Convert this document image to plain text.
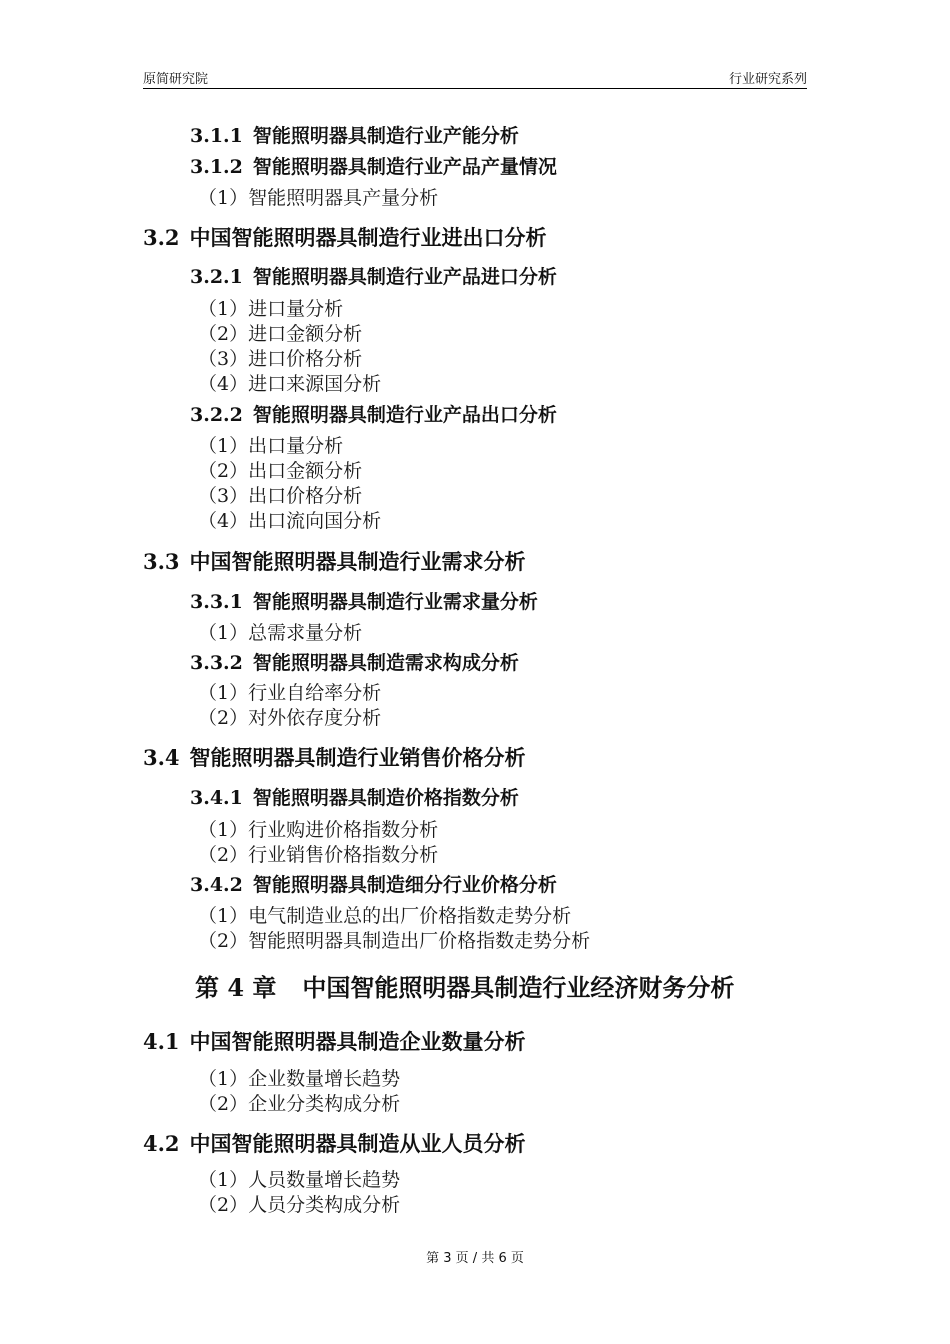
原简研究院	行业研究系列
3.1.1 智能照明器具制造行业产能分析
3.1.2 智能照明器具制造行业产品产量情况
（1）智能照明器具产量分析
3.2 中国智能照明器具制造行业进出口分析
3.2.1 智能照明器具制造行业产品进口分析
（1）进口量分析
（2）进口金额分析
（3）进口价格分析
（4）进口来源国分析
3.2.2 智能照明器具制造行业产品出口分析
（1）出口量分析
（2）出口金额分析
（3）出口价格分析
（4）出口流向国分析
3.3 中国智能照明器具制造行业需求分析
3.3.1 智能照明器具制造行业需求量分析
（1）总需求量分析
3.3.2 智能照明器具制造需求构成分析
（1）行业自给率分析
（2）对外依存度分析
3.4 智能照明器具制造行业销售价格分析
3.4.1 智能照明器具制造价格指数分析
（1）行业购进价格指数分析
（2）行业销售价格指数分析
3.4.2 智能照明器具制造细分行业价格分析
（1）电气制造业总的出厂价格指数走势分析
（2）智能照明器具制造出厂价格指数走势分析
第 4 章 中国智能照明器具制造行业经济财务分析
4.1 中国智能照明器具制造企业数量分析
（1）企业数量增长趋势
（2）企业分类构成分析
4.2 中国智能照明器具制造从业人员分析
（1）人员数量增长趋势
（2）人员分类构成分析
第 3 页 / 共 6 页
